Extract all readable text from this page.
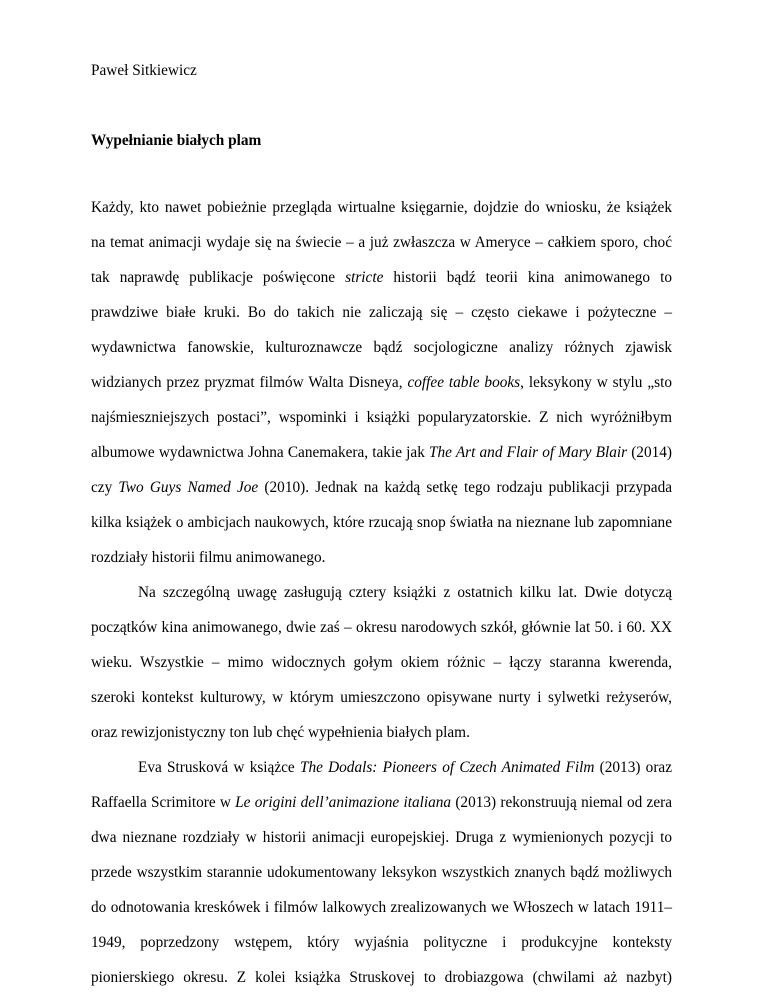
Paweł Sitkiewicz
Wypełnianie białych plam
Każdy, kto nawet pobieżnie przegląda wirtualne księgarnie, dojdzie do wniosku, że książek
na temat animacji wydaje się na świecie – a już zwłaszcza w Ameryce – całkiem sporo, choć
tak naprawdę publikacje poświęcone stricte historii bądź teorii kina animowanego to
prawdziwe białe kruki. Bo do takich nie zaliczają się – często ciekawe i pożyteczne –
wydawnictwa fanowskie, kulturoznawcze bądź socjologiczne analizy różnych zjawisk
widzianych przez pryzmat filmów Walta Disneya, coffee table books, leksykony w stylu „sto
najśmieszniejszych postaci”, wspominki i książki popularyzatorskie. Z nich wyróżniłbym
albumowe wydawnictwa Johna Canemakera, takie jak The Art and Flair of Mary Blair (2014)
czy Two Guys Named Joe (2010). Jednak na każdą setkę tego rodzaju publikacji przypada
kilka książek o ambicjach naukowych, które rzucają snop światła na nieznane lub zapomniane
rozdziały historii filmu animowanego.
Na szczególną uwagę zasługują cztery książki z ostatnich kilku lat. Dwie dotyczą
początków kina animowanego, dwie zaś – okresu narodowych szkół, głównie lat 50. i 60. XX
wieku. Wszystkie – mimo widocznych gołym okiem różnic – łączy staranna kwerenda,
szeroki kontekst kulturowy, w którym umieszczono opisywane nurty i sylwetki reżyserów,
oraz rewizjonistyczny ton lub chęć wypełnienia białych plam.
Eva Strusková w książce The Dodals: Pioneers of Czech Animated Film (2013) oraz
Raffaella Scrimitore w Le origini dell’animazione italiana (2013) rekonstruują niemal od zera
dwa nieznane rozdziały w historii animacji europejskiej. Druga z wymienionych pozycji to
przede wszystkim starannie udokumentowany leksykon wszystkich znanych bądź możliwych
do odnotowania kreskówek i filmów lalkowych zrealizowanych we Włoszech w latach 1911–
1949, poprzedzony wstępem, który wyjaśnia polityczne i produkcyjne konteksty
pionierskiego okresu. Z kolei książka Struskovej to drobiazgowa (chwilami aż nazbyt)
